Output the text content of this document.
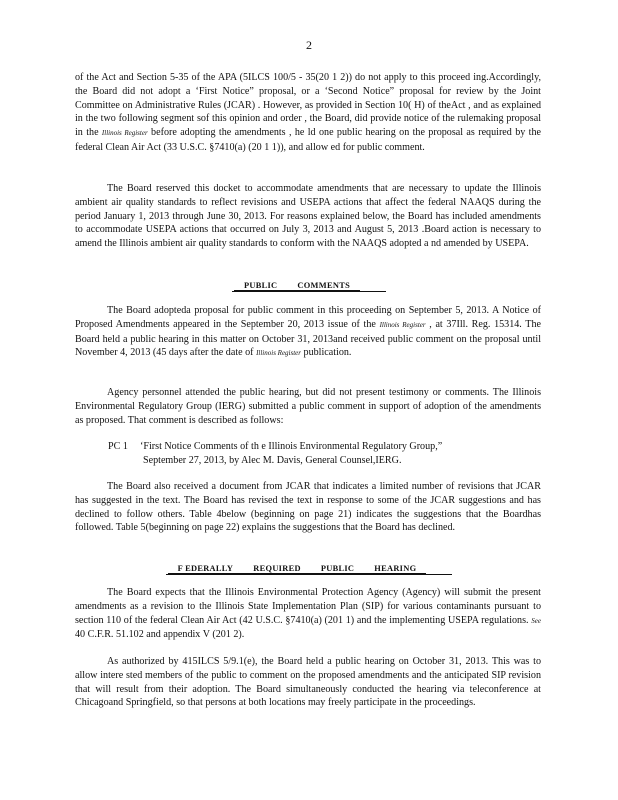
2
of the Act and Section 5-35 of the APA (5ILCS 100/5 - 35(20 1 2)) do not apply to this proceed ing.Accordingly, the Board did not adopt a ‘First Notice” proposal, or a ‘Second Notice” proposal for review by the Joint Committee on Administrative Rules (JCAR) . However, as provided in Section 10( H) of theAct , and as explained in the two following segment sof this opinion and order , the Board, did provide notice of the rulemaking proposal in the Illinois Register before adopting the amendments , he ld one public hearing on the proposal as required by the federal Clean Air Act (33 U.S.C. §7410(a) (20 1 1)), and allow ed for public comment.
The Board reserved this docket to accommodate amendments that are necessary to update the Illinois ambient air quality standards to reflect revisions and USEPA actions that affect the federal NAAQS during the period January 1, 2013 through June 30, 2013. For reasons explained below, the Board has included amendments to accommodate USEPA actions that occurred on July 3, 2013 and August 5, 2013 .Board action is necessary to amend the Illinois ambient air quality standards to conform with the NAAQS adopted a nd amended by USEPA.
PUBLIC COMMENTS
The Board adopteda proposal for public comment in this proceeding on September 5, 2013. A Notice of Proposed Amendments appeared in the September 20, 2013 issue of the Illinois Register , at 37Ill. Reg. 15314. The Board held a public hearing in this matter on October 31, 2013and received public comment on the proposal until November 4, 2013 (45 days after the date of Illinois Register publication.
Agency personnel attended the public hearing, but did not present testimony or comments. The Illinois Environmental Regulatory Group (IERG) submitted a public comment in support of adoption of the amendments as proposed. That comment is described as follows:
PC 1 ‘First Notice Comments of th e Illinois Environmental Regulatory Group,”
September 27, 2013, by Alec M. Davis, General Counsel,IERG.
The Board also received a document from JCAR that indicates a limited number of revisions that JCAR has suggested in the text. The Board has revised the text in response to some of the JCAR suggestions and has declined to follow others. Table 4below (beginning on page 21) indicates the suggestions that the Boardhas followed. Table 5(beginning on page 22) explains the suggestions that the Board has declined.
F EDERALLY REQUIRED PUBLIC HEARING
The Board expects that the Illinois Environmental Protection Agency (Agency) will submit the present amendments as a revision to the Illinois State Implementation Plan (SIP) for various contaminants pursuant to section 110 of the federal Clean Air Act (42 U.S.C. §7410(a) (201 1) and the implementing USEPA regulations. See 40 C.F.R. 51.102 and appendix V (201 2).
As authorized by 415ILCS 5/9.1(e), the Board held a public hearing on October 31, 2013. This was to allow intere sted members of the public to comment on the proposed amendments and the anticipated SIP revision that will result from their adoption. The Board simultaneously conducted the hearing via teleconference at Chicagoand Springfield, so that persons at both locations may freely participate in the proceedings.
